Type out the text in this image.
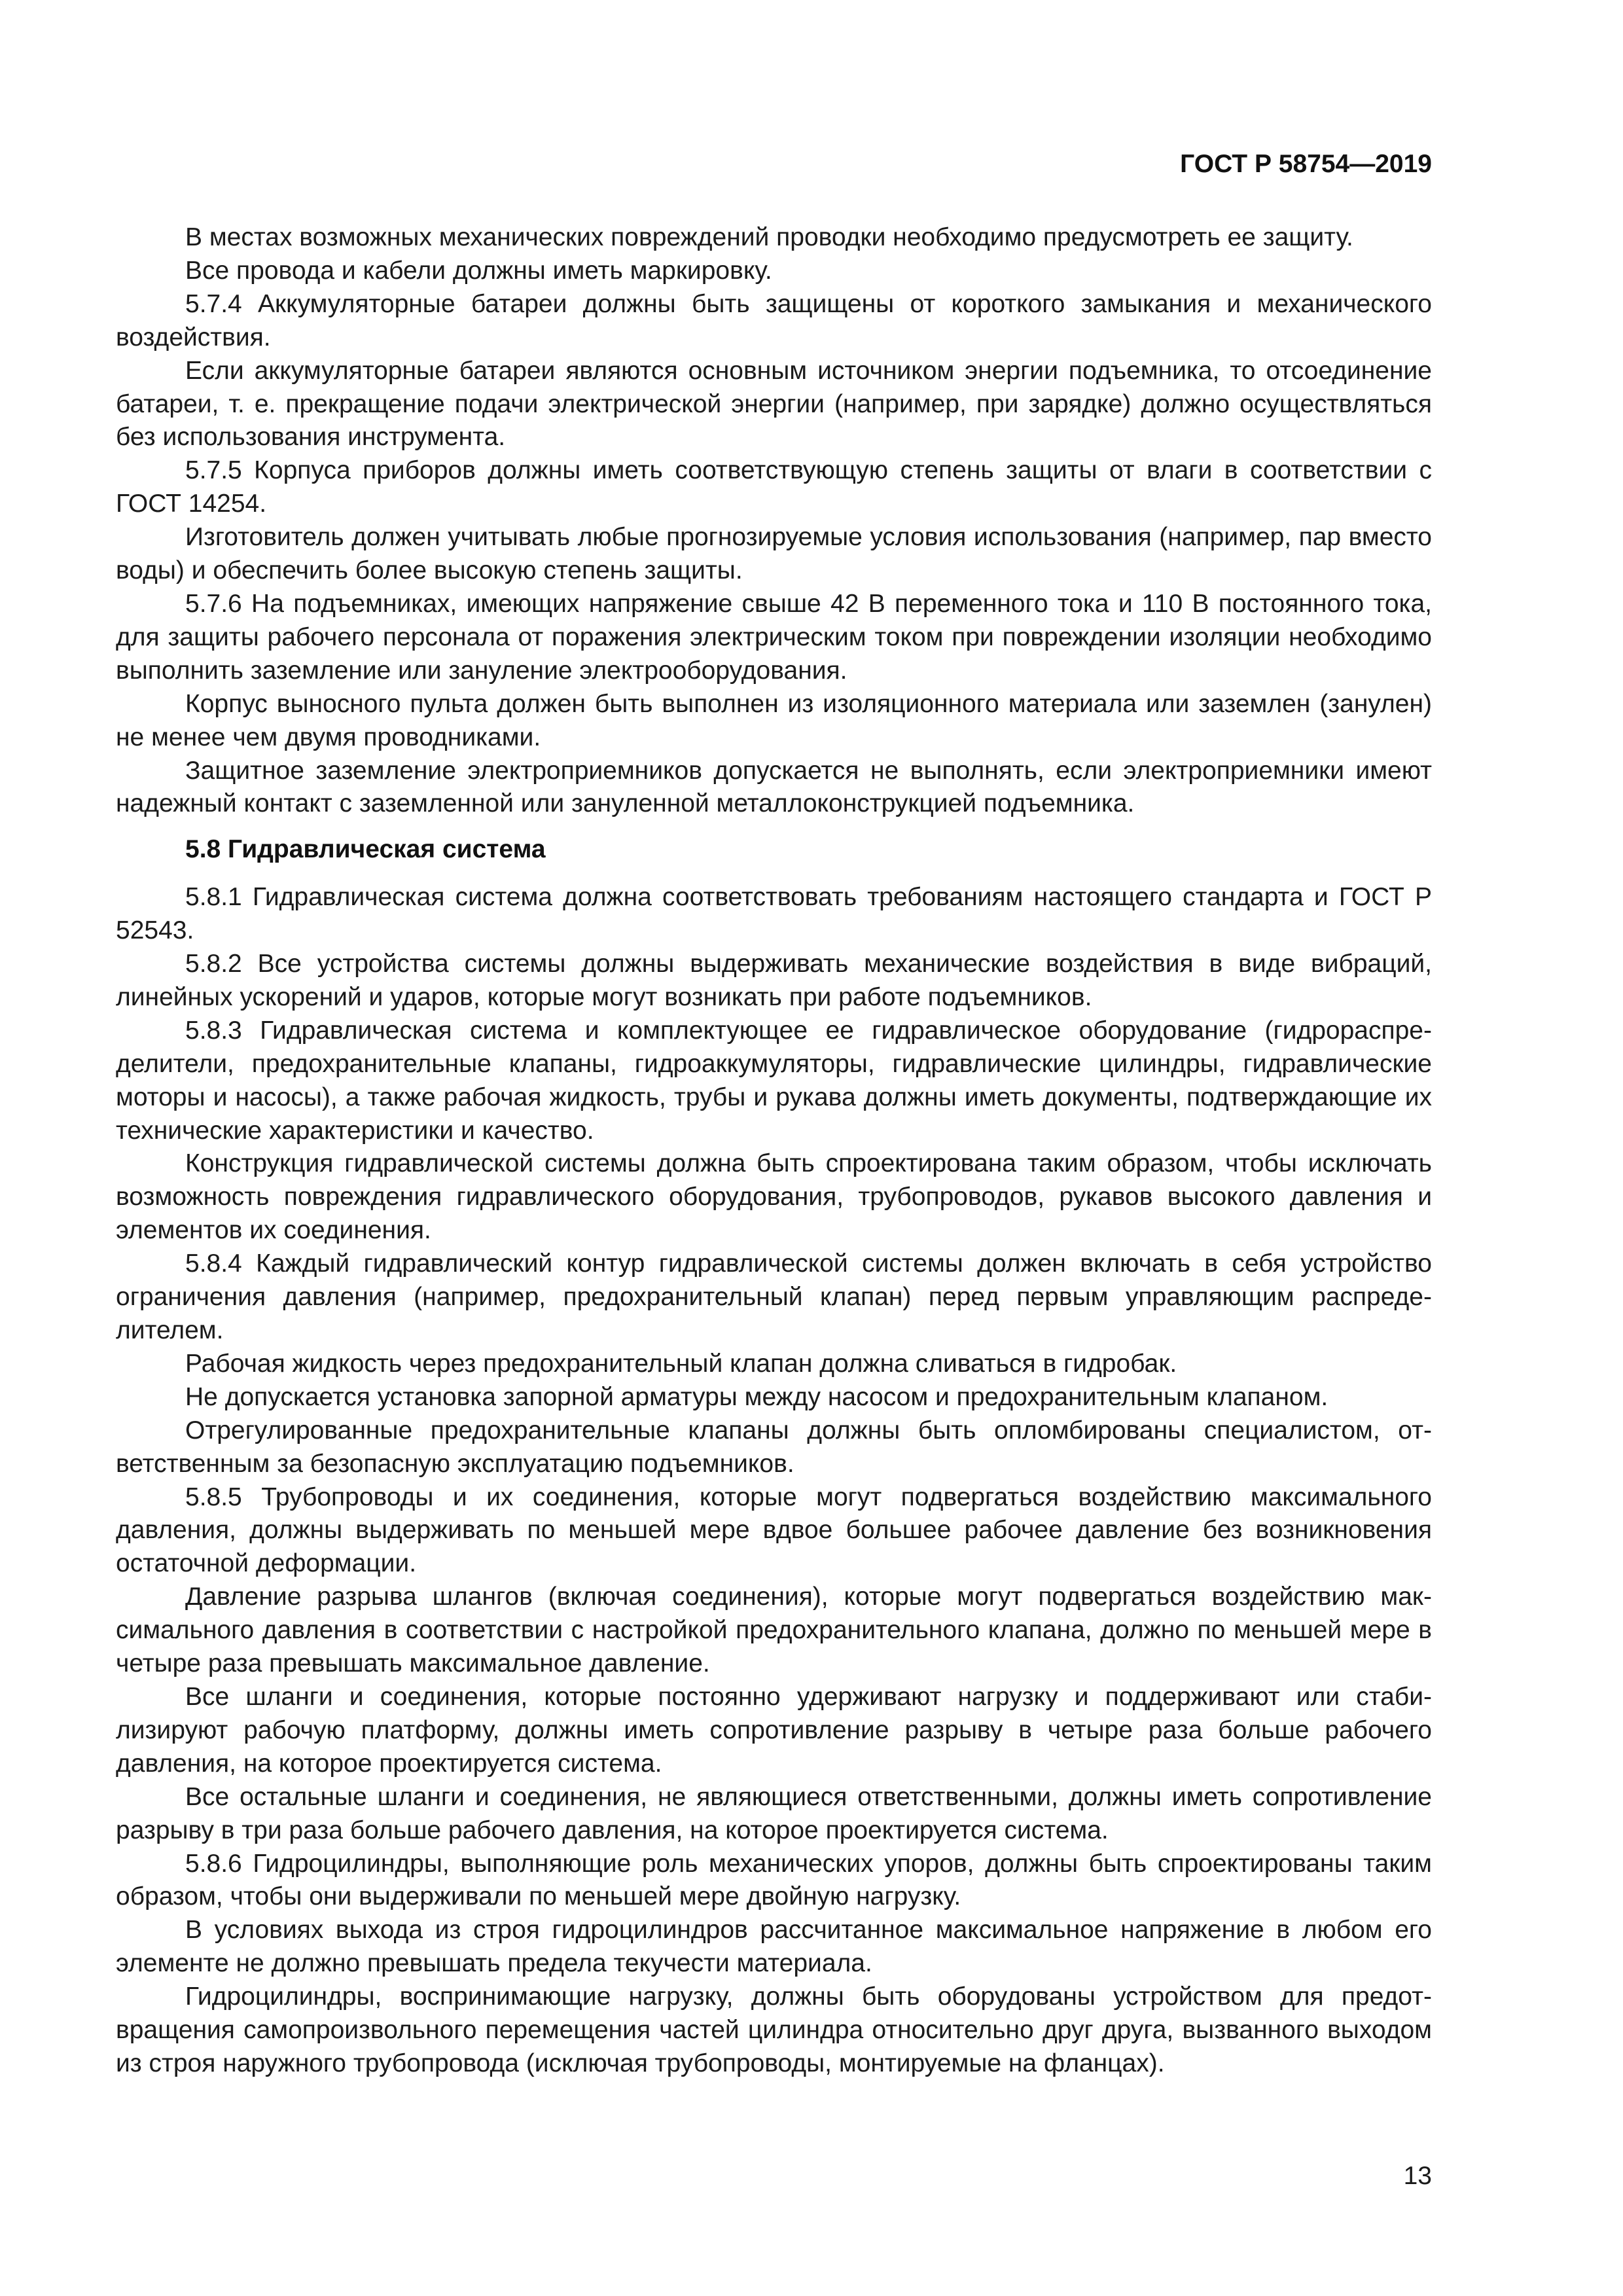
ГОСТ Р 58754—2019

В местах возможных механических повреждений проводки необходимо предусмотреть ее защиту.

Все провода и кабели должны иметь маркировку.

5.7.4 Аккумуляторные батареи должны быть защищены от короткого замыкания и механического воздействия.

Если аккумуляторные батареи являются основным источником энергии подъемника, то отсоединение батареи, т. е. прекращение подачи электрической энергии (например, при зарядке) должно осуществляться без использования инструмента.

5.7.5 Корпуса приборов должны иметь соответствующую степень защиты от влаги в соответствии с ГОСТ 14254.

Изготовитель должен учитывать любые прогнозируемые условия использования (например, пар вместо воды) и обеспечить более высокую степень защиты.

5.7.6 На подъемниках, имеющих напряжение свыше 42 В переменного тока и 110 В постоянного тока, для защиты рабочего персонала от поражения электрическим током при повреждении изоляции необходимо выполнить заземление или зануление электрооборудования.

Корпус выносного пульта должен быть выполнен из изоляционного материала или заземлен (занулен) не менее чем двумя проводниками.

Защитное заземление электроприемников допускается не выполнять, если электроприемники имеют надежный контакт с заземленной или зануленной металлоконструкцией подъемника.

5.8 Гидравлическая система

5.8.1 Гидравлическая система должна соответствовать требованиям настоящего стандарта и ГОСТ Р 52543.

5.8.2 Все устройства системы должны выдерживать механические воздействия в виде вибраций, линейных ускорений и ударов, которые могут возникать при работе подъемников.

5.8.3 Гидравлическая система и комплектующее ее гидравлическое оборудование (гидрораспределители, предохранительные клапаны, гидроаккумуляторы, гидравлические цилиндры, гидравлические моторы и насосы), а также рабочая жидкость, трубы и рукава должны иметь документы, подтверждающие их технические характеристики и качество.

Конструкция гидравлической системы должна быть спроектирована таким образом, чтобы исключать возможность повреждения гидравлического оборудования, трубопроводов, рукавов высокого давления и элементов их соединения.

5.8.4 Каждый гидравлический контур гидравлической системы должен включать в себя устройство ограничения давления (например, предохранительный клапан) перед первым управляющим распределителем.

Рабочая жидкость через предохранительный клапан должна сливаться в гидробак.

Не допускается установка запорной арматуры между насосом и предохранительным клапаном.

Отрегулированные предохранительные клапаны должны быть опломбированы специалистом, ответственным за безопасную эксплуатацию подъемников.

5.8.5 Трубопроводы и их соединения, которые могут подвергаться воздействию максимального давления, должны выдерживать по меньшей мере вдвое большее рабочее давление без возникновения остаточной деформации.

Давление разрыва шлангов (включая соединения), которые могут подвергаться воздействию максимального давления в соответствии с настройкой предохранительного клапана, должно по меньшей мере в четыре раза превышать максимальное давление.

Все шланги и соединения, которые постоянно удерживают нагрузку и поддерживают или стабилизируют рабочую платформу, должны иметь сопротивление разрыву в четыре раза больше рабочего давления, на которое проектируется система.

Все остальные шланги и соединения, не являющиеся ответственными, должны иметь сопротивление разрыву в три раза больше рабочего давления, на которое проектируется система.

5.8.6 Гидроцилиндры, выполняющие роль механических упоров, должны быть спроектированы таким образом, чтобы они выдерживали по меньшей мере двойную нагрузку.

В условиях выхода из строя гидроцилиндров рассчитанное максимальное напряжение в любом его элементе не должно превышать предела текучести материала.

Гидроцилиндры, воспринимающие нагрузку, должны быть оборудованы устройством для предотвращения самопроизвольного перемещения частей цилиндра относительно друг друга, вызванного выходом из строя наружного трубопровода (исключая трубопроводы, монтируемые на фланцах).

13
